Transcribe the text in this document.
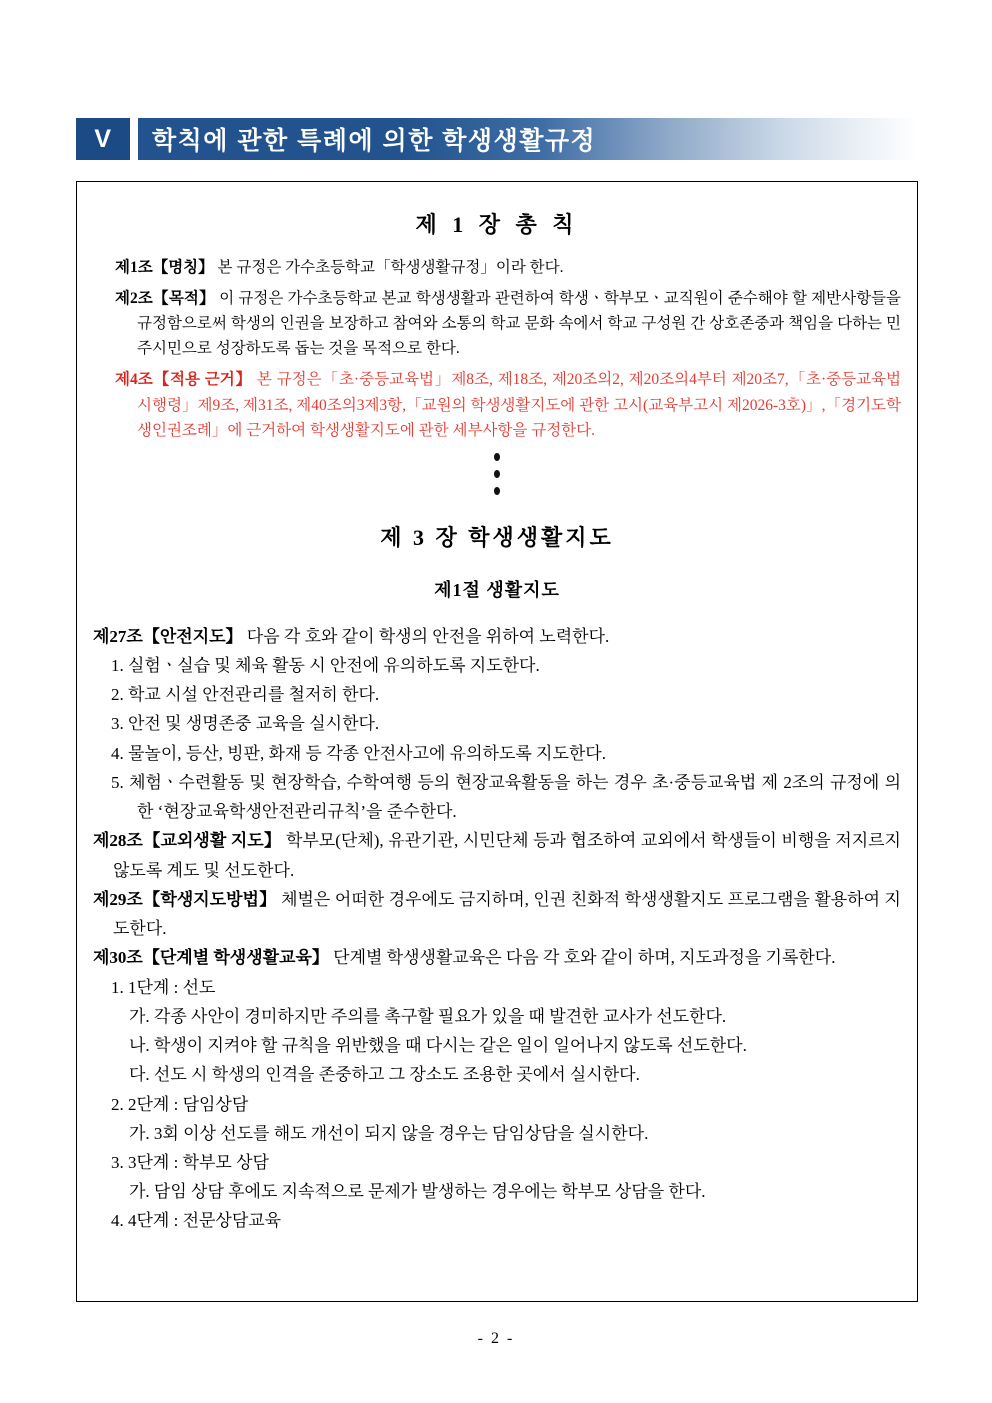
V	학칙에 관한 특례에 의한 학생생활규정
제 1 장 총 칙

제1조【명칭】 본 규정은 가수초등학교「학생생활규정」이라 한다.

제2조【목적】 이 규정은 가수초등학교 본교 학생생활과 관련하여 학생ㆍ학부모ㆍ교직원이 준수해야 할 제반사항들을 규정함으로써 학생의 인권을 보장하고 참여와 소통의 학교 문화 속에서 학교 구성원 간 상호존중과 책임을 다하는 민주시민으로 성장하도록 돕는 것을 목적으로 한다.

제4조【적용 근거】 본 규정은「초·중등교육법」제8조, 제18조, 제20조의2, 제20조의4부터 제20조7,「초·중등교육법 시행령」제9조, 제31조, 제40조의3제3항,「교원의 학생생활지도에 관한 고시(교육부고시 제2026-3호)」,「경기도학생인권조례」에 근거하여 학생생활지도에 관한 세부사항을 규정한다.

제 3 장 학생생활지도
제1절 생활지도

제27조【안전지도】 다음 각 호와 같이 학생의 안전을 위하여 노력한다.

1. 실험ㆍ실습 및 체육 활동 시 안전에 유의하도록 지도한다.

2. 학교 시설 안전관리를 철저히 한다.

3. 안전 및 생명존중 교육을 실시한다.

4. 물놀이, 등산, 빙판, 화재 등 각종 안전사고에 유의하도록 지도한다.

5. 체험ㆍ수련활동 및 현장학습, 수학여행 등의 현장교육활동을 하는 경우 초·중등교육법 제 2조의 규정에 의한 ‘현장교육학생안전관리규칙’을 준수한다.

제28조【교외생활 지도】 학부모(단체), 유관기관, 시민단체 등과 협조하여 교외에서 학생들이 비행을 저지르지 않도록 계도 및 선도한다.

제29조【학생지도방법】 체벌은 어떠한 경우에도 금지하며, 인권 친화적 학생생활지도 프로그램을 활용하여 지도한다.

제30조【단계별 학생생활교육】 단계별 학생생활교육은 다음 각 호와 같이 하며, 지도과정을 기록한다.

1. 1단계 : 선도

가. 각종 사안이 경미하지만 주의를 촉구할 필요가 있을 때 발견한 교사가 선도한다.

나. 학생이 지켜야 할 규칙을 위반했을 때 다시는 같은 일이 일어나지 않도록 선도한다.

다. 선도 시 학생의 인격을 존중하고 그 장소도 조용한 곳에서 실시한다.

2. 2단계 : 담임상담

가. 3회 이상 선도를 해도 개선이 되지 않을 경우는 담임상담을 실시한다.

3. 3단계 : 학부모 상담

가. 담임 상담 후에도 지속적으로 문제가 발생하는 경우에는 학부모 상담을 한다.

4. 4단계 : 전문상담교육

- 2 -
